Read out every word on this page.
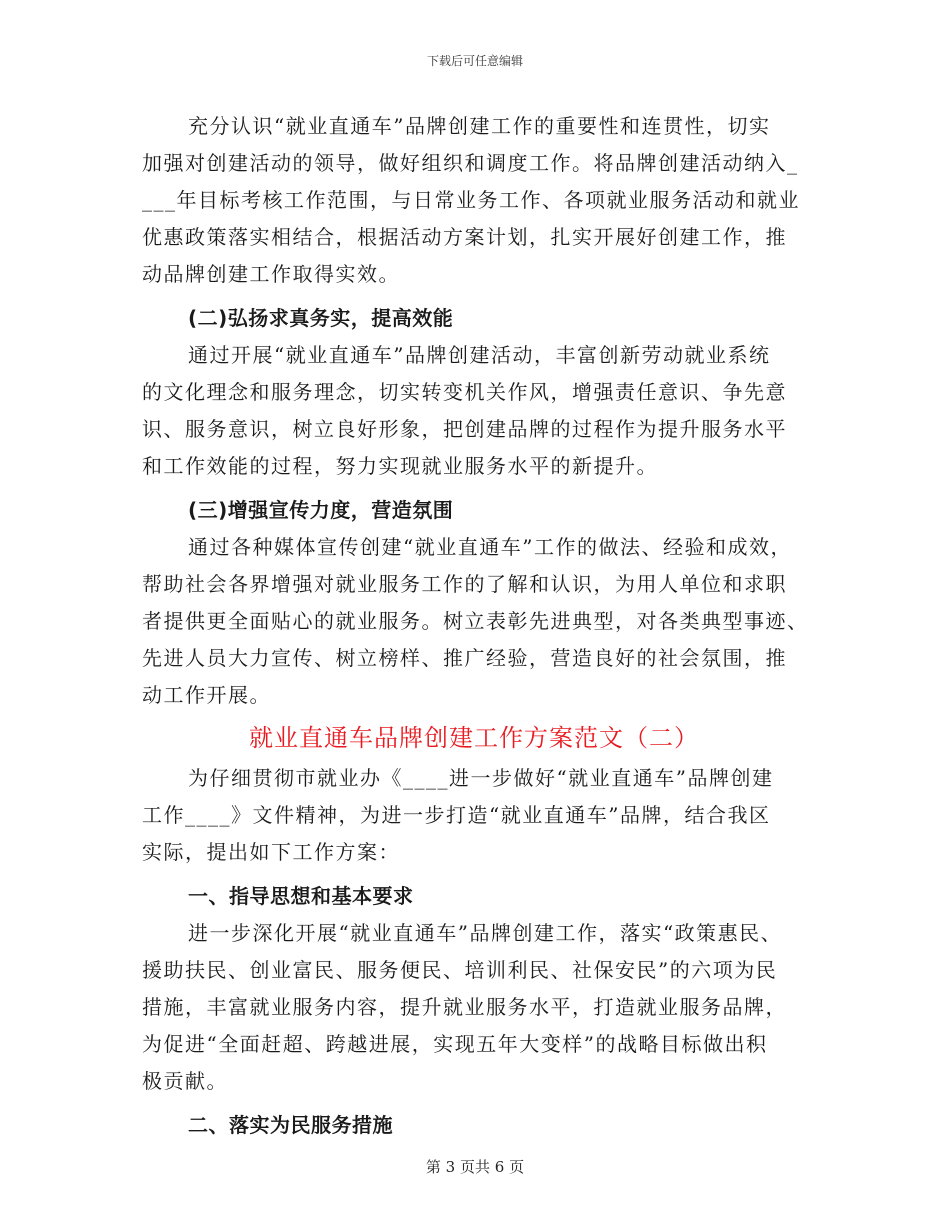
下载后可任意编辑
充分认识“就业直通车”品牌创建工作的重要性和连贯性，切实
加强对创建活动的领导，做好组织和调度工作。将品牌创建活动纳入_
___年目标考核工作范围，与日常业务工作、各项就业服务活动和就业
优惠政策落实相结合，根据活动方案计划，扎实开展好创建工作，推
动品牌创建工作取得实效。
(二)弘扬求真务实，提高效能
通过开展“就业直通车”品牌创建活动，丰富创新劳动就业系统
的文化理念和服务理念，切实转变机关作风，增强责任意识、争先意
识、服务意识，树立良好形象，把创建品牌的过程作为提升服务水平
和工作效能的过程，努力实现就业服务水平的新提升。
(三)增强宣传力度，营造氛围
通过各种媒体宣传创建“就业直通车”工作的做法、经验和成效，
帮助社会各界增强对就业服务工作的了解和认识，为用人单位和求职
者提供更全面贴心的就业服务。树立表彰先进典型，对各类典型事迹、
先进人员大力宣传、树立榜样、推广经验，营造良好的社会氛围，推
动工作开展。
就业直通车品牌创建工作方案范文（二）
为仔细贯彻市就业办《____进一步做好“就业直通车”品牌创建
工作____》文件精神，为进一步打造“就业直通车”品牌，结合我区
实际，提出如下工作方案：
一、指导思想和基本要求
进一步深化开展“就业直通车”品牌创建工作，落实“政策惠民、
援助扶民、创业富民、服务便民、培训利民、社保安民”的六项为民
措施，丰富就业服务内容，提升就业服务水平，打造就业服务品牌，
为促进“全面赶超、跨越进展，实现五年大变样”的战略目标做出积
极贡献。
二、落实为民服务措施
第 3 页共 6 页
